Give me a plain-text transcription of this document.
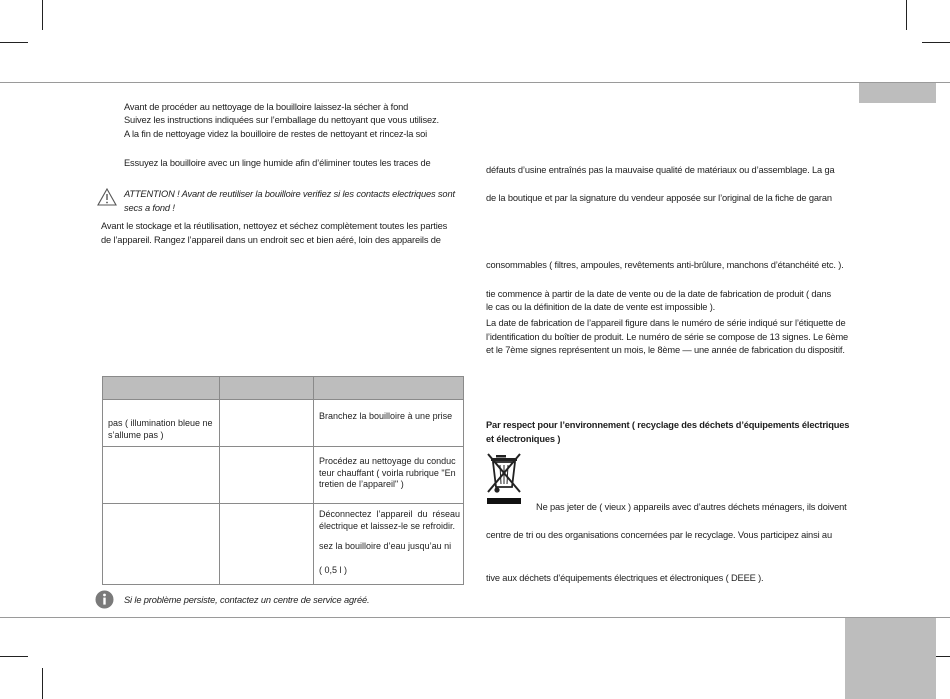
Avant de procéder au nettoyage de la bouilloire laissez-la sécher à fond
Suivez les instructions indiquées sur l’emballage du nettoyant que vous utilisez.
A la fin de nettoyage videz la bouilloire de restes de nettoyant et rincez-la soi
Essuyez la bouilloire avec un linge humide afin d’éliminer toutes les traces de
ATTENTION ! Avant de reutiliser la bouilloire verifiez si les contacts electriques sont
secs a fond !
Avant le stockage et la réutilisation, nettoyez et séchez complètement toutes les parties
de l’appareil. Rangez l’appareil dans un endroit sec et bien aéré, loin des appareils de
pas ( illumination bleue ne s’allume pas )
Branchez la bouilloire à une prise
Procédez au nettoyage du conduc teur chauffant ( voirla rubrique "En tretien de l’appareil" )
Déconnectez l’appareil du réseau électrique et laissez-le se refroidir.
sez la bouilloire d’eau jusqu’au ni
( 0,5 l )
Si le problème persiste, contactez un centre de service agréé.
défauts d’usine entraînés pas la mauvaise qualité de matériaux ou d’assemblage. La ga
de la boutique et par la signature du vendeur apposée sur l’original de la fiche de garan
consommables ( filtres, ampoules, revêtements anti-brûlure, manchons d’étanchéité etc. ).
tie commence à partir de la date de vente ou de la date de fabrication de produit ( dans
le cas ou la définition de la date de vente est impossible ).
La date de fabrication de l’appareil figure dans le numéro de série indiqué sur l’étiquette de
l’identification du boîtier de produit. Le numéro de série se compose de 13 signes. Le 6ème
et le 7ème signes représentent un mois, le 8ème — une année de fabrication du dispositif.
Par respect pour l’environnement ( recyclage des déchets d’équipements électriques
et électroniques )
Ne pas jeter de ( vieux ) appareils avec d’autres déchets ménagers, ils doivent
centre de tri ou des organisations concernées par le recyclage. Vous participez ainsi au
tive aux déchets d’équipements électriques et électroniques ( DEEE ).
